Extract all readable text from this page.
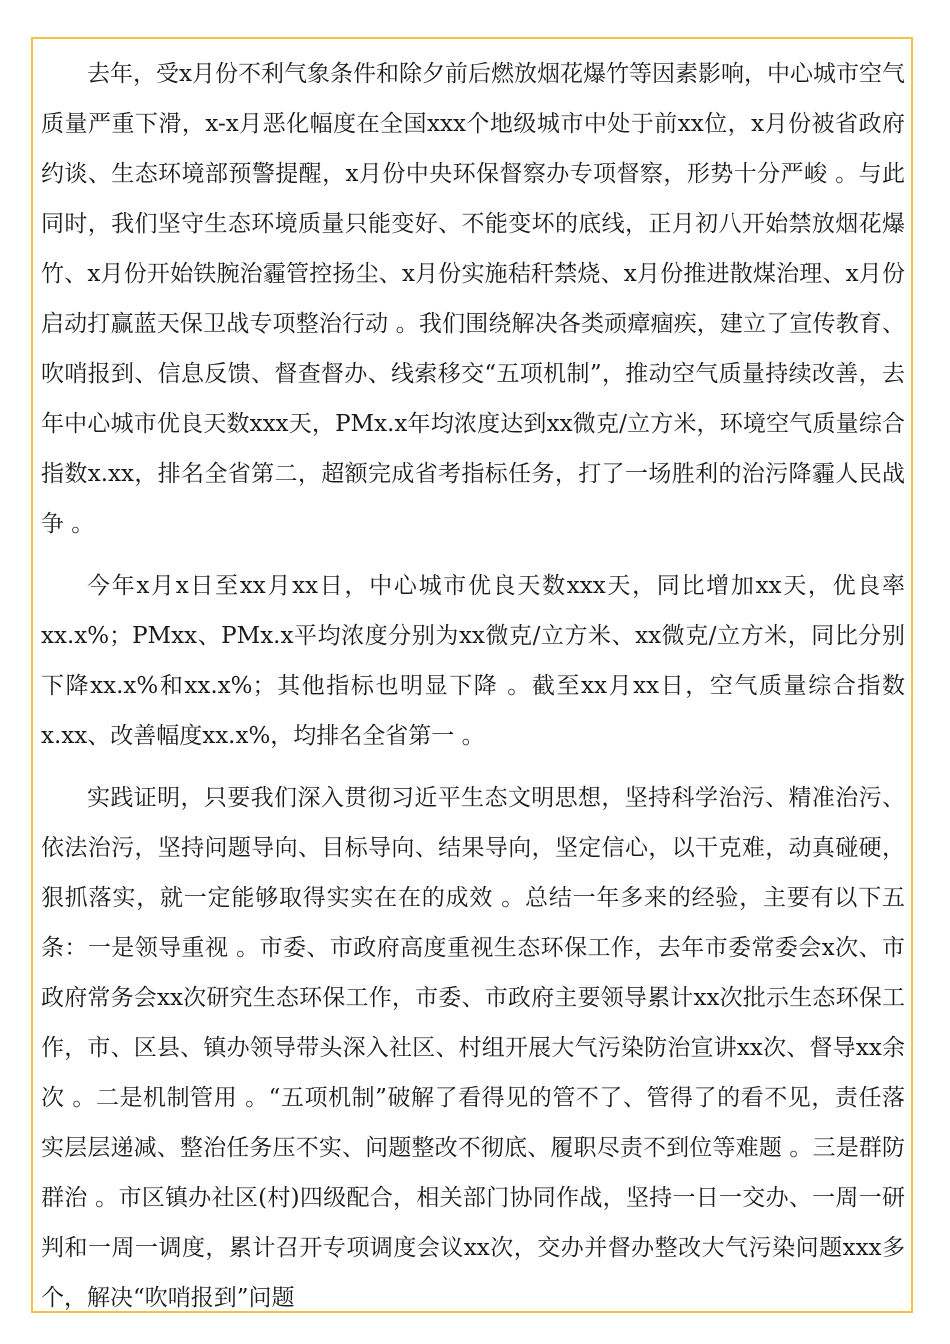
去年，受x月份不利气象条件和除夕前后燃放烟花爆竹等因素影响，中心城市空气质量严重下滑，x-x月恶化幅度在全国xxx个地级城市中处于前xx位，x月份被省政府约谈、生态环境部预警提醒，x月份中央环保督察办专项督察，形势十分严峻 。与此同时，我们坚守生态环境质量只能变好、不能变坏的底线，正月初八开始禁放烟花爆竹、x月份开始铁腕治霾管控扬尘、x月份实施秸秆禁烧、x月份推进散煤治理、x月份启动打赢蓝天保卫战专项整治行动 。我们围绕解决各类顽瘴痼疾，建立了宣传教育、吹哨报到、信息反馈、督查督办、线索移交“五项机制”，推动空气质量持续改善，去年中心城市优良天数xxx天，PMx.x年均浓度达到xx微克/立方米，环境空气质量综合指数x.xx，排名全省第二，超额完成省考指标任务，打了一场胜利的治污降霾人民战争 。

今年x月x日至xx月xx日，中心城市优良天数xxx天，同比增加xx天，优良率xx.x%；PMxx、PMx.x平均浓度分别为xx微克/立方米、xx微克/立方米，同比分别下降xx.x%和xx.x%；其他指标也明显下降 。截至xx月xx日，空气质量综合指数x.xx、改善幅度xx.x%，均排名全省第一 。

实践证明，只要我们深入贯彻习近平生态文明思想，坚持科学治污、精准治污、依法治污，坚持问题导向、目标导向、结果导向，坚定信心，以干克难，动真碰硬，狠抓落实，就一定能够取得实实在在的成效 。总结一年多来的经验，主要有以下五条：一是领导重视 。市委、市政府高度重视生态环保工作，去年市委常委会x次、市政府常务会xx次研究生态环保工作，市委、市政府主要领导累计xx次批示生态环保工作，市、区县、镇办领导带头深入社区、村组开展大气污染防治宣讲xx次、督导xx余次 。二是机制管用 。“五项机制”破解了看得见的管不了、管得了的看不见，责任落实层层递减、整治任务压不实、问题整改不彻底、履职尽责不到位等难题 。三是群防群治 。市区镇办社区(村)四级配合，相关部门协同作战，坚持一日一交办、一周一研判和一周一调度，累计召开专项调度会议xx次，交办并督办整改大气污染问题xxx多个，解决“吹哨报到”问题
